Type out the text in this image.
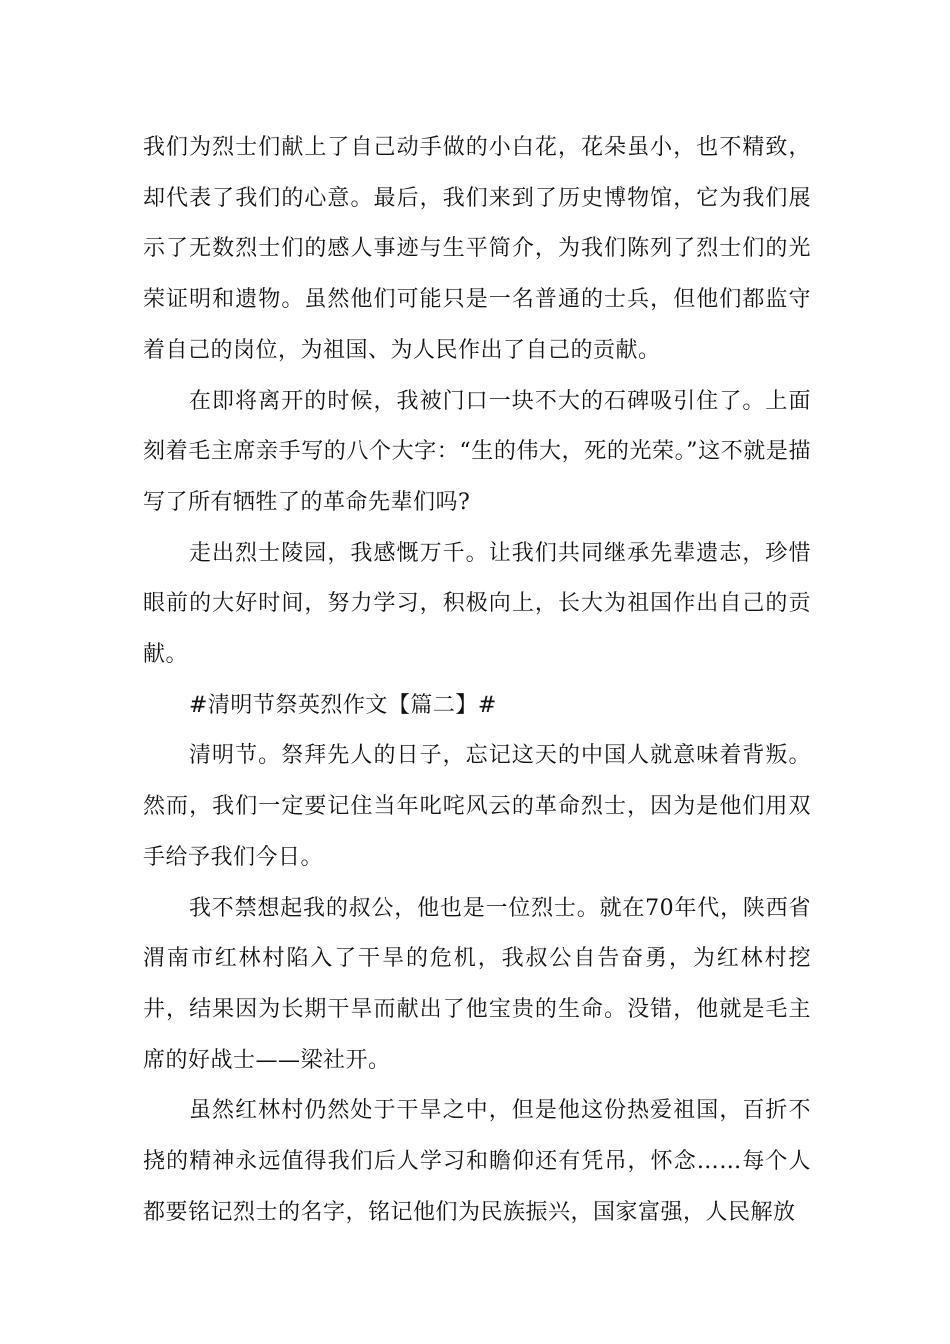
我们为烈士们献上了自己动手做的小白花，花朵虽小，也不精致，却代表了我们的心意。最后，我们来到了历史博物馆，它为我们展示了无数烈士们的感人事迹与生平简介，为我们陈列了烈士们的光荣证明和遗物。虽然他们可能只是一名普通的士兵，但他们都监守着自己的岗位，为祖国、为人民作出了自己的贡献。

在即将离开的时候，我被门口一块不大的石碑吸引住了。上面刻着毛主席亲手写的八个大字：“生的伟大，死的光荣。”这不就是描写了所有牺牲了的革命先辈们吗?

走出烈士陵园，我感慨万千。让我们共同继承先辈遗志，珍惜眼前的大好时间，努力学习，积极向上，长大为祖国作出自己的贡献。

#清明节祭英烈作文【篇二】#

清明节。祭拜先人的日子，忘记这天的中国人就意味着背叛。然而，我们一定要记住当年叱咤风云的革命烈士，因为是他们用双手给予我们今日。

我不禁想起我的叔公，他也是一位烈士。就在70年代，陕西省渭南市红林村陷入了干旱的危机，我叔公自告奋勇，为红林村挖井，结果因为长期干旱而献出了他宝贵的生命。没错，他就是毛主席的好战士——梁社开。

虽然红林村仍然处于干旱之中，但是他这份热爱祖国，百折不挠的精神永远值得我们后人学习和瞻仰还有凭吊，怀念……每个人都要铭记烈士的名字，铭记他们为民族振兴，国家富强，人民解放
